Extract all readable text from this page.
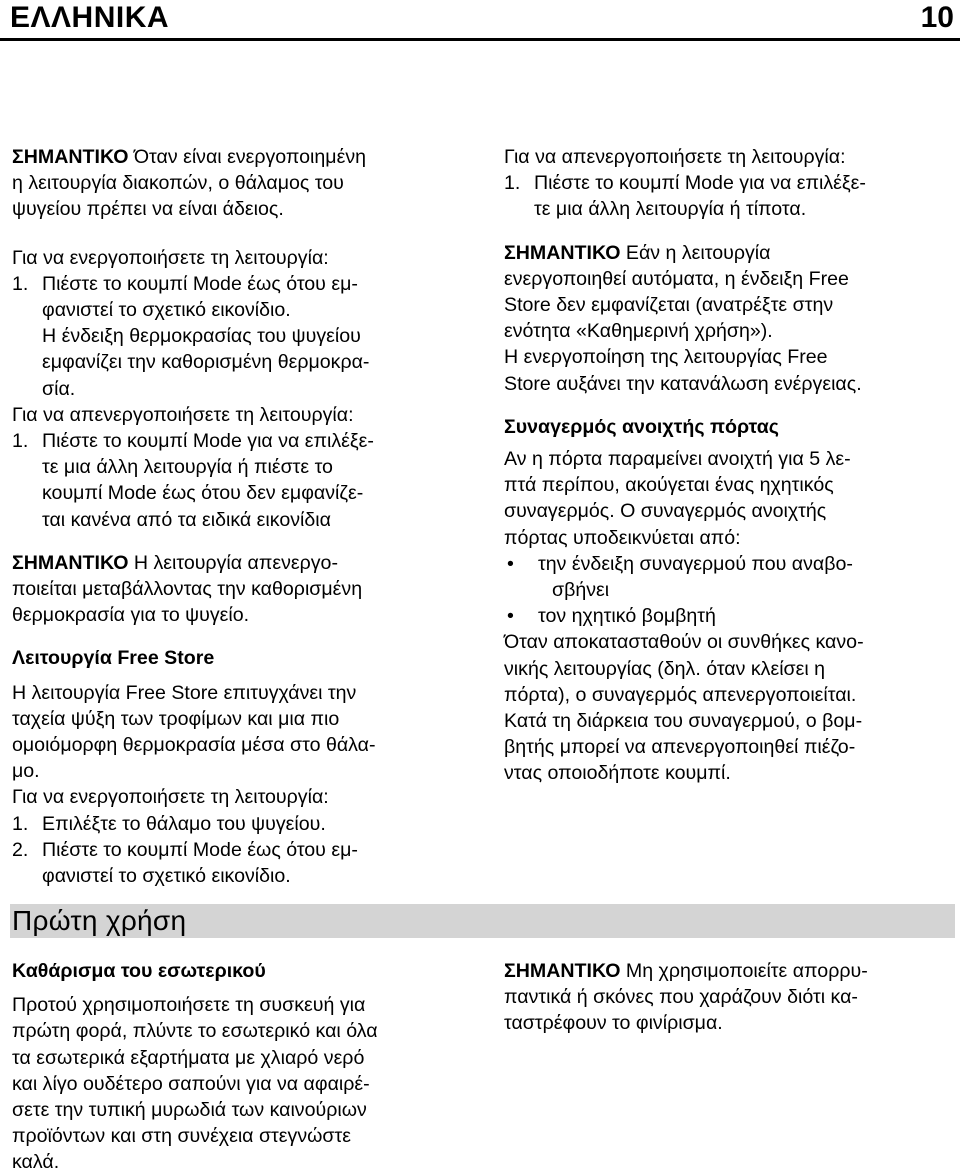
ΕΛΛΗΝΙΚΑ	10

ΣΗΜΑΝΤΙΚΟ Όταν είναι ενεργοποιημένη

η λειτουργία διακοπών, ο θάλαμος του

ψυγείου πρέπει να είναι άδειος.

Για να ενεργοποιήσετε τη λειτουργία:

1. Πιέστε το κουμπί Mode έως ότου εμ-

φανιστεί το σχετικό εικονίδιο.

Η ένδειξη θερμοκρασίας του ψυγείου

εμφανίζει την καθορισμένη θερμοκρα-

σία.

Για να απενεργοποιήσετε τη λειτουργία:

1. Πιέστε το κουμπί Mode για να επιλέξε-

τε μια άλλη λειτουργία ή πιέστε το

κουμπί Mode έως ότου δεν εμφανίζε-

ται κανένα από τα ειδικά εικονίδια

ΣΗΜΑΝΤΙΚΟ Η λειτουργία απενεργο-

ποιείται μεταβάλλοντας την καθορισμένη

θερμοκρασία για το ψυγείο.

Λειτουργία Free Store

Η λειτουργία Free Store επιτυγχάνει την

ταχεία ψύξη των τροφίμων και μια πιο

ομοιόμορφη θερμοκρασία μέσα στο θάλα-

μο.

Για να ενεργοποιήσετε τη λειτουργία:

1. Επιλέξτε το θάλαμο του ψυγείου.

2. Πιέστε το κουμπί Mode έως ότου εμ-

φανιστεί το σχετικό εικονίδιο.

Για να απενεργοποιήσετε τη λειτουργία:

1. Πιέστε το κουμπί Mode για να επιλέξε-

τε μια άλλη λειτουργία ή τίποτα.

ΣΗΜΑΝΤΙΚΟ Εάν η λειτουργία

ενεργοποιηθεί αυτόματα, η ένδειξη Free

Store δεν εμφανίζεται (ανατρέξτε στην

ενότητα «Καθημερινή χρήση»).

Η ενεργοποίηση της λειτουργίας Free

Store αυξάνει την κατανάλωση ενέργειας.

Συναγερμός ανοιχτής πόρτας

Αν η πόρτα παραμείνει ανοιχτή για 5 λε-

πτά περίπου, ακούγεται ένας ηχητικός

συναγερμός. Ο συναγερμός ανοιχτής

πόρτας υποδεικνύεται από:

• την ένδειξη συναγερμού που αναβο-

σβήνει

• τον ηχητικό βομβητή

Όταν αποκατασταθούν οι συνθήκες κανο-

νικής λειτουργίας (δηλ. όταν κλείσει η

πόρτα), ο συναγερμός απενεργοποιείται.

Κατά τη διάρκεια του συναγερμού, ο βομ-

βητής μπορεί να απενεργοποιηθεί πιέζο-

ντας οποιοδήποτε κουμπί.

Πρώτη χρήση

Καθάρισμα του εσωτερικού

Προτού χρησιμοποιήσετε τη συσκευή για

πρώτη φορά, πλύντε το εσωτερικό και όλα

τα εσωτερικά εξαρτήματα με χλιαρό νερό

και λίγο ουδέτερο σαπούνι για να αφαιρέ-

σετε την τυπική μυρωδιά των καινούριων

προϊόντων και στη συνέχεια στεγνώστε

καλά.

ΣΗΜΑΝΤΙΚΟ Μη χρησιμοποιείτε απορρυ-

παντικά ή σκόνες που χαράζουν διότι κα-

ταστρέφουν το φινίρισμα.
